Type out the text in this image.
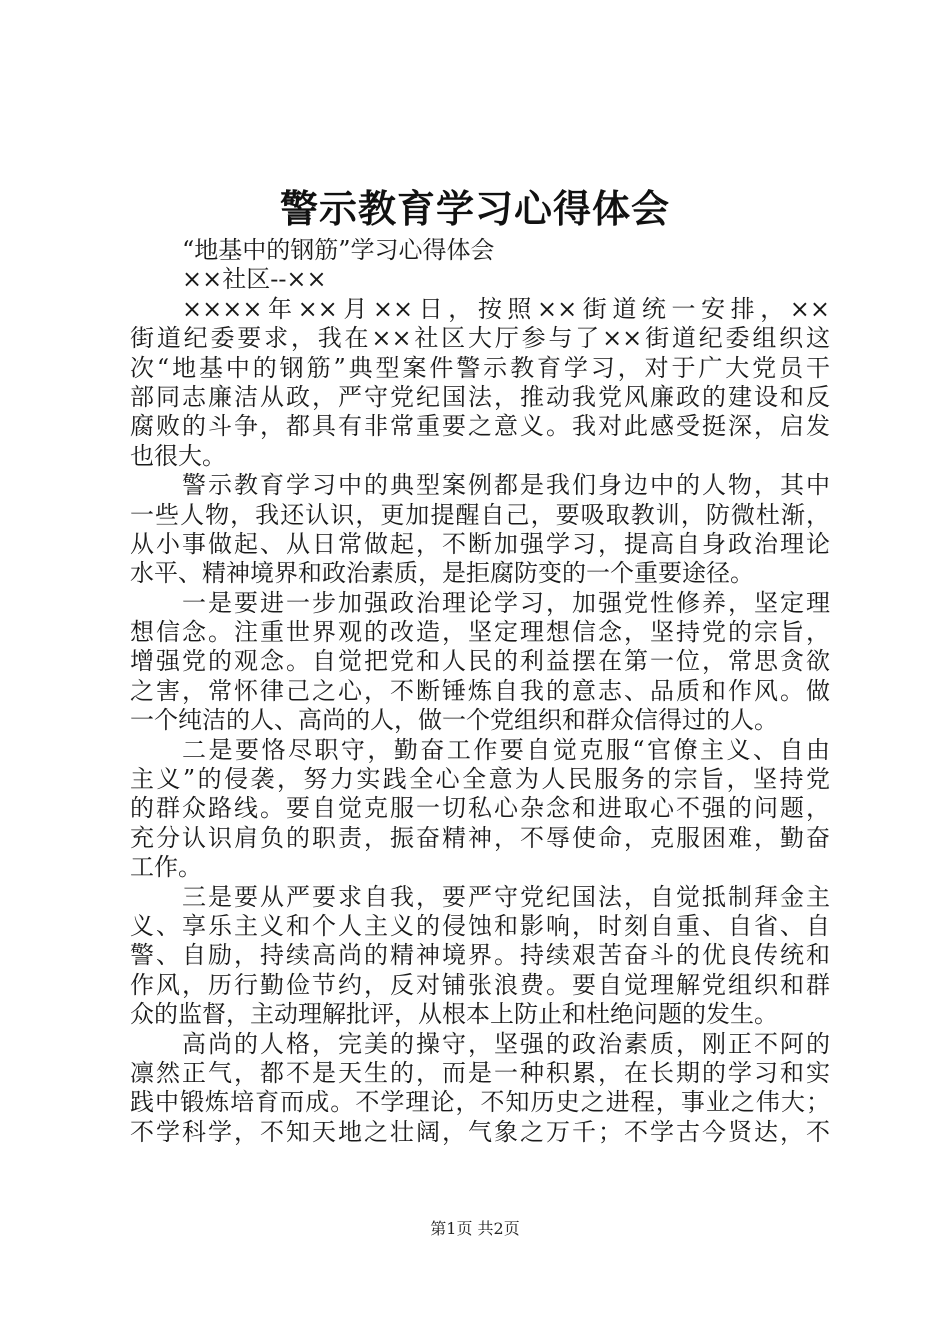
警示教育学习心得体会
“地基中的钢筋”学习心得体会
××社区--××
××××年××月××日，按照××街道统一安排，××
街道纪委要求，我在××社区大厅参与了××街道纪委组织这
次“地基中的钢筋”典型案件警示教育学习，对于广大党员干
部同志廉洁从政，严守党纪国法，推动我党风廉政的建设和反
腐败的斗争，都具有非常重要之意义。我对此感受挺深，启发
也很大。
警示教育学习中的典型案例都是我们身边中的人物，其中
一些人物，我还认识，更加提醒自己，要吸取教训，防微杜渐，
从小事做起、从日常做起，不断加强学习，提高自身政治理论
水平、精神境界和政治素质，是拒腐防变的一个重要途径。
一是要进一步加强政治理论学习，加强党性修养，坚定理
想信念。注重世界观的改造，坚定理想信念，坚持党的宗旨，
增强党的观念。自觉把党和人民的利益摆在第一位，常思贪欲
之害，常怀律己之心，不断锤炼自我的意志、品质和作风。做
一个纯洁的人、高尚的人，做一个党组织和群众信得过的人。
二是要恪尽职守，勤奋工作要自觉克服“官僚主义、自由
主义”的侵袭，努力实践全心全意为人民服务的宗旨，坚持党
的群众路线。要自觉克服一切私心杂念和进取心不强的问题，
充分认识肩负的职责，振奋精神，不辱使命，克服困难，勤奋
工作。
三是要从严要求自我，要严守党纪国法，自觉抵制拜金主
义、享乐主义和个人主义的侵蚀和影响，时刻自重、自省、自
警、自励，持续高尚的精神境界。持续艰苦奋斗的优良传统和
作风，历行勤俭节约，反对铺张浪费。要自觉理解党组织和群
众的监督，主动理解批评，从根本上防止和杜绝问题的发生。
高尚的人格，完美的操守，坚强的政治素质，刚正不阿的
凛然正气，都不是天生的，而是一种积累，在长期的学习和实
践中锻炼培育而成。不学理论，不知历史之进程，事业之伟大；
不学科学，不知天地之壮阔，气象之万千；不学古今贤达，不
第1页 共2页
